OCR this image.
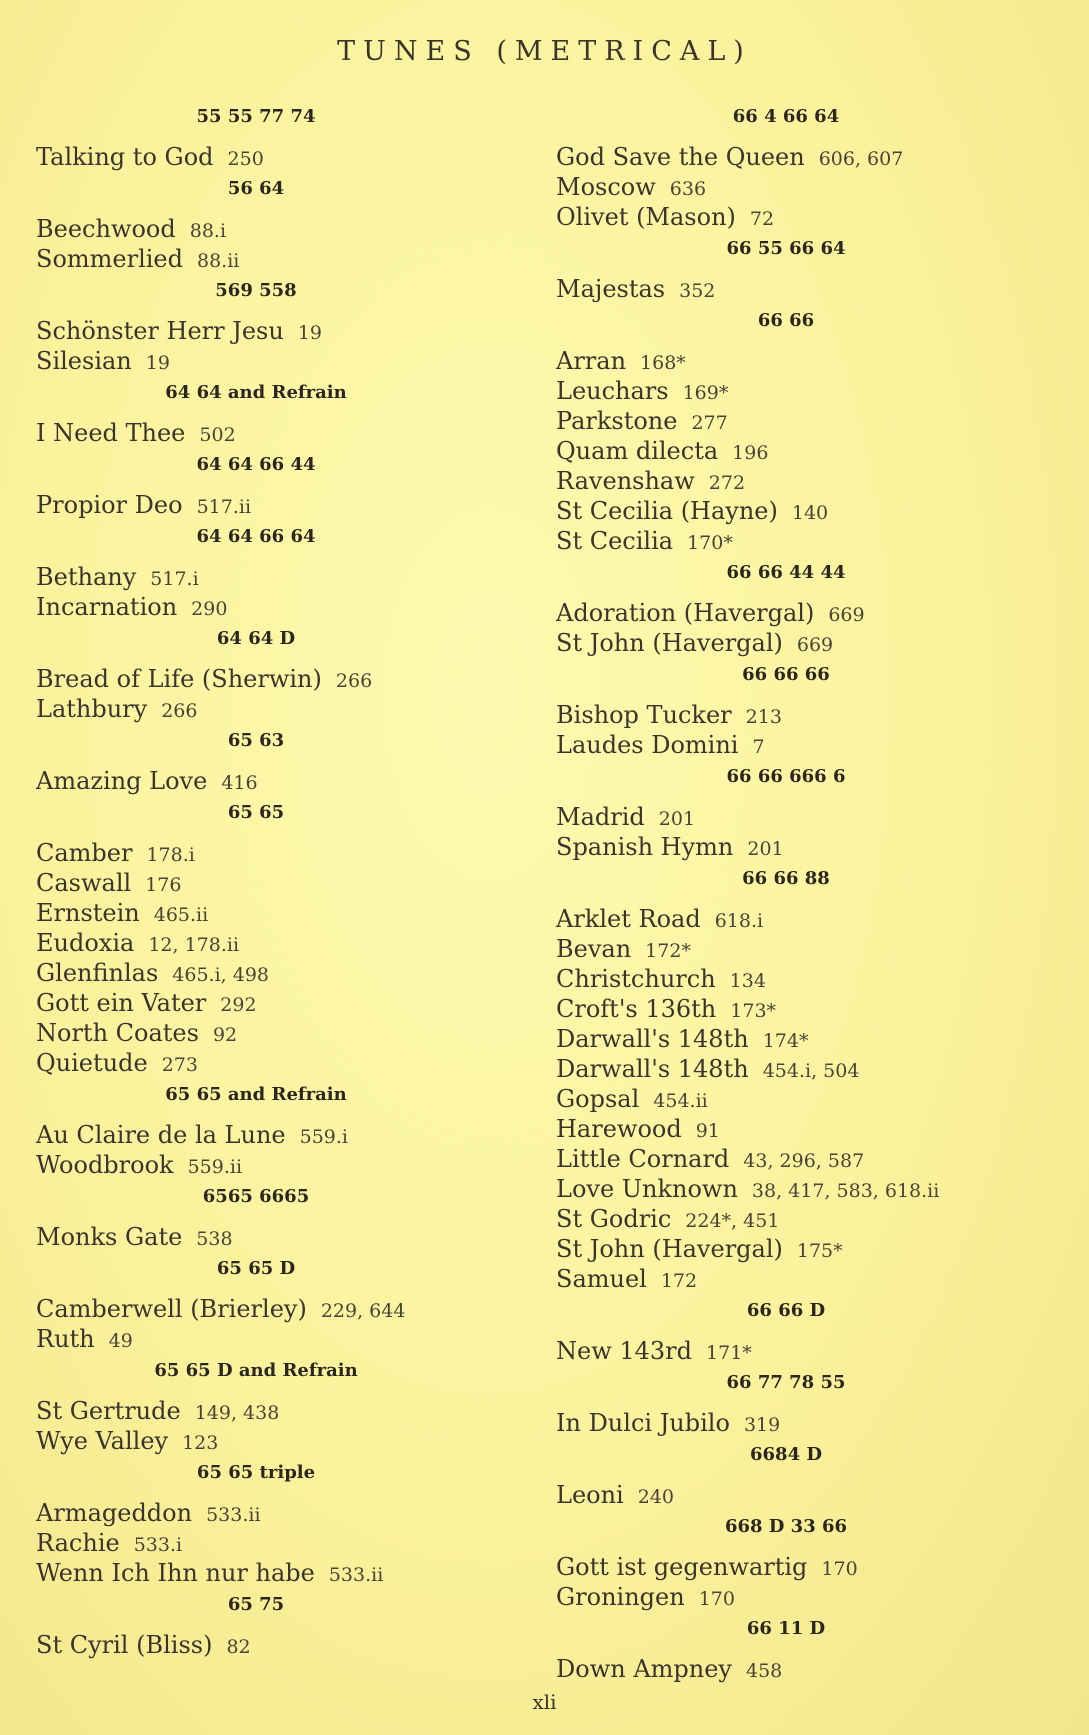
TUNES (METRICAL)
55 55 77 74
Talking to God 250
56 64
Beechwood 88.i
Sommerlied 88.ii
569 558
Schönster Herr Jesu 19
Silesian 19
64 64 and Refrain
I Need Thee 502
64 64 66 44
Propior Deo 517.ii
64 64 66 64
Bethany 517.i
Incarnation 290
64 64 D
Bread of Life (Sherwin) 266
Lathbury 266
65 63
Amazing Love 416
65 65
Camber 178.i
Caswall 176
Ernstein 465.ii
Eudoxia 12, 178.ii
Glenfinlas 465.i, 498
Gott ein Vater 292
North Coates 92
Quietude 273
65 65 and Refrain
Au Claire de la Lune 559.i
Woodbrook 559.ii
6565 6665
Monks Gate 538
65 65 D
Camberwell (Brierley) 229, 644
Ruth 49
65 65 D and Refrain
St Gertrude 149, 438
Wye Valley 123
65 65 triple
Armageddon 533.ii
Rachie 533.i
Wenn Ich Ihn nur habe 533.ii
65 75
St Cyril (Bliss) 82
66 4 66 64
God Save the Queen 606, 607
Moscow 636
Olivet (Mason) 72
66 55 66 64
Majestas 352
66 66
Arran 168*
Leuchars 169*
Parkstone 277
Quam dilecta 196
Ravenshaw 272
St Cecilia (Hayne) 140
St Cecilia 170*
66 66 44 44
Adoration (Havergal) 669
St John (Havergal) 669
66 66 66
Bishop Tucker 213
Laudes Domini 7
66 66 666 6
Madrid 201
Spanish Hymn 201
66 66 88
Arklet Road 618.i
Bevan 172*
Christchurch 134
Croft's 136th 173*
Darwall's 148th 174*
Darwall's 148th 454.i, 504
Gopsal 454.ii
Harewood 91
Little Cornard 43, 296, 587
Love Unknown 38, 417, 583, 618.ii
St Godric 224*, 451
St John (Havergal) 175*
Samuel 172
66 66 D
New 143rd 171*
66 77 78 55
In Dulci Jubilo 319
6684 D
Leoni 240
668 D 33 66
Gott ist gegenwartig 170
Groningen 170
66 11 D
Down Ampney 458
xli
